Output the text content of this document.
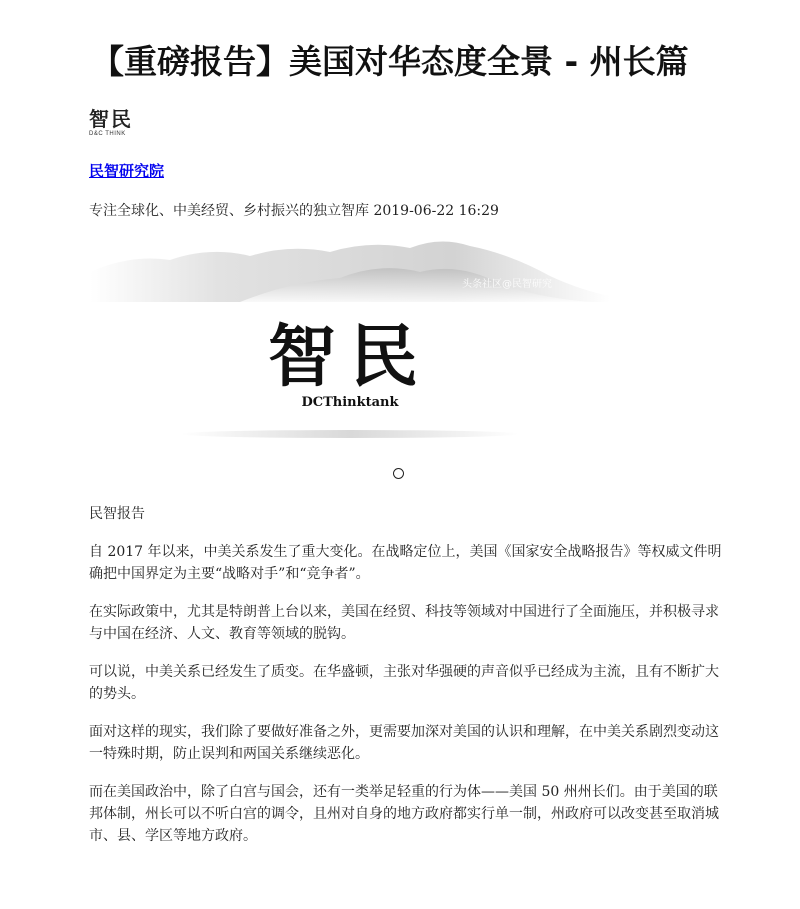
【重磅报告】美国对华态度全景 - 州长篇
智民
D&C THINK
民智研究院
专注全球化、中美经贸、乡村振兴的独立智库 2019-06-22 16:29
头条社区@民智研究
智民
DCThinktank

民智报告

自 2017 年以来，中美关系发生了重大变化。在战略定位上，美国《国家安全战略报告》等权威文件明确把中国界定为主要“战略对手”和“竞争者”。

在实际政策中，尤其是特朗普上台以来，美国在经贸、科技等领域对中国进行了全面施压，并积极寻求与中国在经济、人文、教育等领域的脱钩。

可以说，中美关系已经发生了质变。在华盛顿，主张对华强硬的声音似乎已经成为主流，且有不断扩大的势头。

面对这样的现实，我们除了要做好准备之外，更需要加深对美国的认识和理解，在中美关系剧烈变动这一特殊时期，防止误判和两国关系继续恶化。

而在美国政治中，除了白宫与国会，还有一类举足轻重的行为体——美国 50 州州长们。由于美国的联邦体制，州长可以不听白宫的调令，且州对自身的地方政府都实行单一制，州政府可以改变甚至取消城市、县、学区等地方政府。
